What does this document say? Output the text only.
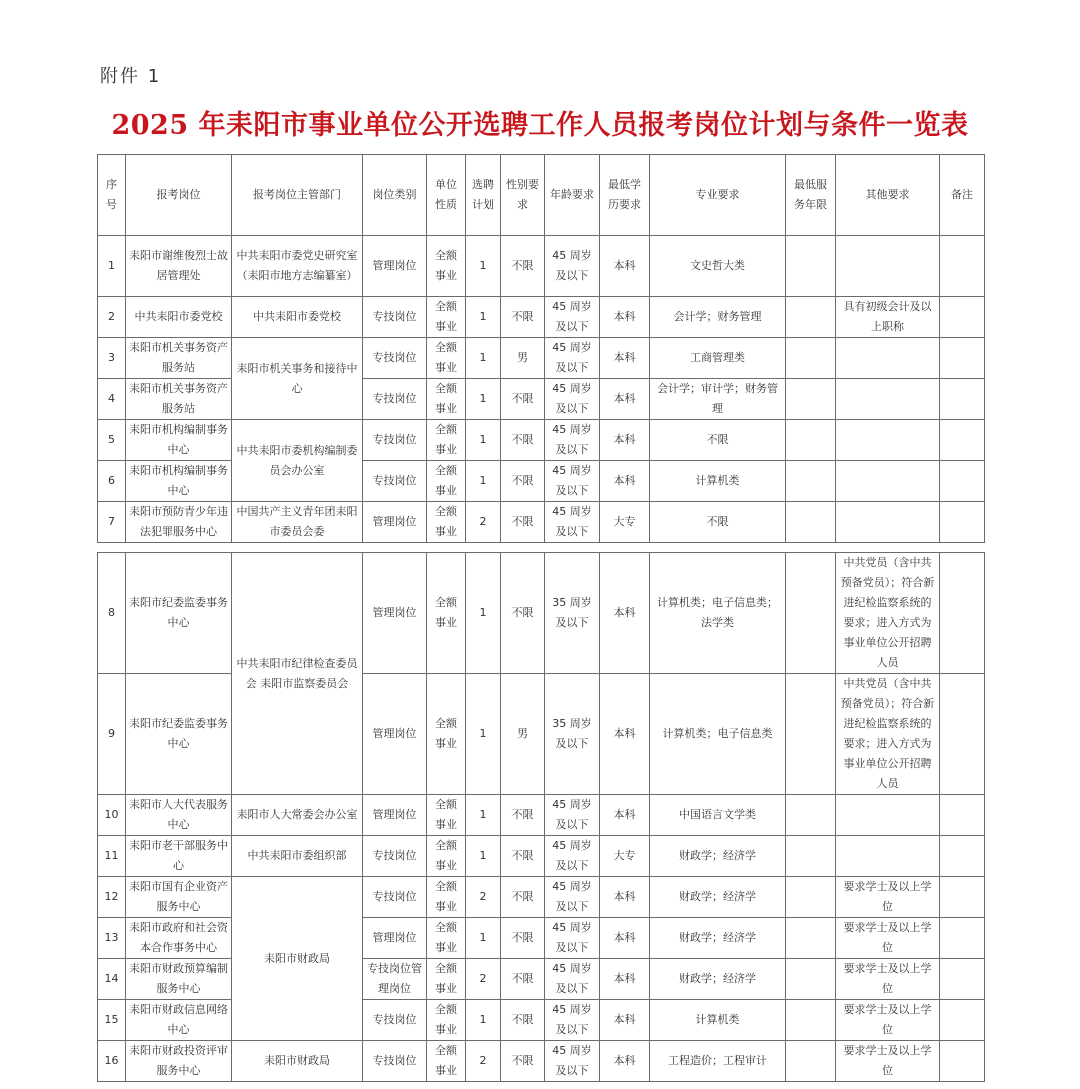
附件 1
2025 年耒阳市事业单位公开选聘工作人员报考岗位计划与条件一览表
序号	报考岗位	报考岗位主管部门	岗位类别	单位性质	选聘计划	性别要求	年龄要求	最低学历要求	专业要求	最低服务年限	其他要求	备注
1	耒阳市谢维俊烈士故居管理处	中共耒阳市委党史研究室（耒阳市地方志编纂室）	管理岗位	全额事业	1	不限	45 周岁及以下	本科	文史哲大类			
2	中共耒阳市委党校	中共耒阳市委党校	专技岗位	全额事业	1	不限	45 周岁及以下	本科	会计学；财务管理		具有初级会计及以上职称	
3	耒阳市机关事务资产服务站	耒阳市机关事务和接待中心	专技岗位	全额事业	1	男	45 周岁及以下	本科	工商管理类			
4	耒阳市机关事务资产服务站		专技岗位	全额事业	1	不限	45 周岁及以下	本科	会计学；审计学；财务管理			
5	耒阳市机构编制事务中心	中共耒阳市委机构编制委员会办公室	专技岗位	全额事业	1	不限	45 周岁及以下	本科	不限			
6	耒阳市机构编制事务中心		专技岗位	全额事业	1	不限	45 周岁及以下	本科	计算机类			
7	耒阳市预防青少年违法犯罪服务中心	中国共产主义青年团耒阳市委员会委	管理岗位	全额事业	2	不限	45 周岁及以下	大专	不限			
8	耒阳市纪委监委事务中心	中共耒阳市纪律检查委员会 耒阳市监察委员会	管理岗位	全额事业	1	不限	35 周岁及以下	本科	计算机类；电子信息类；法学类		中共党员（含中共预备党员）；符合新进纪检监察系统的要求；进入方式为事业单位公开招聘人员	
9	耒阳市纪委监委事务中心		管理岗位	全额事业	1	男	35 周岁及以下	本科	计算机类；电子信息类		中共党员（含中共预备党员）；符合新进纪检监察系统的要求；进入方式为事业单位公开招聘人员	
10	耒阳市人大代表服务中心	耒阳市人大常委会办公室	管理岗位	全额事业	1	不限	45 周岁及以下	本科	中国语言文学类			
11	耒阳市老干部服务中心	中共耒阳市委组织部	专技岗位	全额事业	1	不限	45 周岁及以下	大专	财政学；经济学			
12	耒阳市国有企业资产服务中心	耒阳市财政局	专技岗位	全额事业	2	不限	45 周岁及以下	本科	财政学；经济学		要求学士及以上学位	
13	耒阳市政府和社会资本合作事务中心		管理岗位	全额事业	1	不限	45 周岁及以下	本科	财政学；经济学		要求学士及以上学位	
14	耒阳市财政预算编制服务中心		专技岗位管理岗位	全额事业	2	不限	45 周岁及以下	本科	财政学；经济学		要求学士及以上学位	
15	耒阳市财政信息网络中心		专技岗位	全额事业	1	不限	45 周岁及以下	本科	计算机类		要求学士及以上学位	
16	耒阳市财政投资评审服务中心	耒阳市财政局	专技岗位	全额事业	2	不限	45 周岁及以下	本科	工程造价；工程审计		要求学士及以上学位	
